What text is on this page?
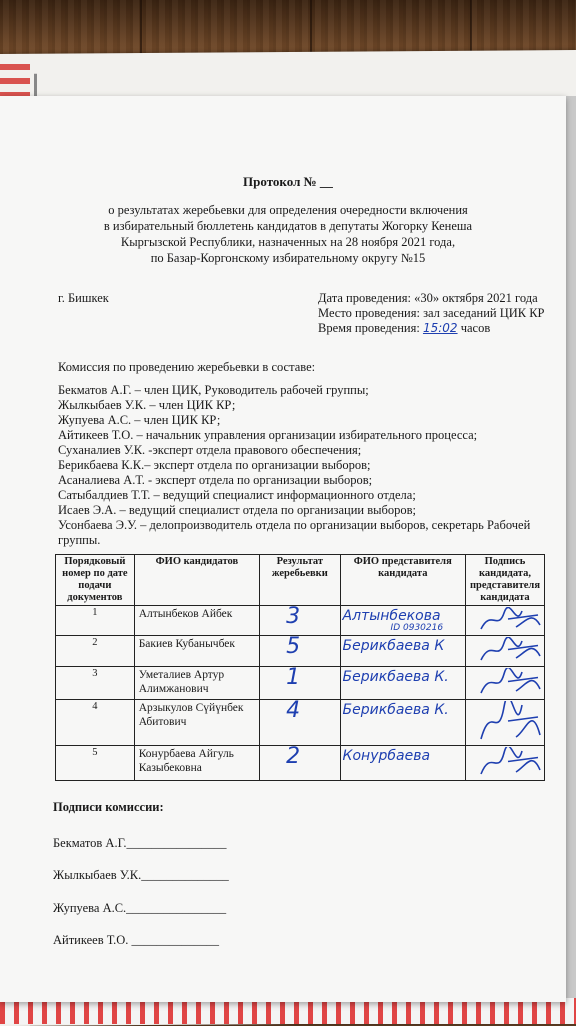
Протокол № __
о результатах жеребьевки для определения очередности включения
в избирательный бюллетень кандидатов в депутаты Жогорку Кенеша
Кыргызской Республики, назначенных на 28 ноября 2021 года,
по Базар-Коргонскому избирательному округу №15
г. Бишкек	Дата проведения: «30» октября 2021 года
Место проведения: зал заседаний ЦИК КР
Время проведения: 15:02 часов
Комиссия по проведению жеребьевки в составе:
Бекматов А.Г. – член ЦИК, Руководитель рабочей группы;
Жылкыбаев У.К. – член ЦИК КР;
Жупуева А.С. – член ЦИК КР;
Айтикеев Т.О. – начальник управления организации избирательного процесса;
Суханалиев У.К. -эксперт отдела правового обеспечения;
Берикбаева К.К.– эксперт отдела по организации выборов;
Асаналиева А.Т. - эксперт отдела по организации выборов;
Сатыбалдиев Т.Т. – ведущий специалист информационного отдела;
Исаев Э.А. – ведущий специалист отдела по организации выборов;
Усонбаева Э.У. – делопроизводитель отдела по организации выборов, секретарь Рабочей
группы.
Порядковый номер по дате подачи документов	ФИО кандидатов	Результат жеребьевки	ФИО представителя кандидата	Подпись кандидата, представителя кандидата
1	Алтынбеков Айбек	3	Алтынбекова
ID 0930216

2	Бакиев Кубанычбек	5	Берикбаева К

3	Уметалиев Артур Алимжанович	1	Берикбаева К.

4	Арзыкулов Сүйүнбек Абитович	4	Берикбаева К.

5	Конурбаева Айгуль Казыбековна	2	Конурбаева

Подписи комиссии:
Бекматов А.Г.________________
Жылкыбаев У.К.______________
Жупуева А.С.________________
Айтикеев Т.О. ______________
